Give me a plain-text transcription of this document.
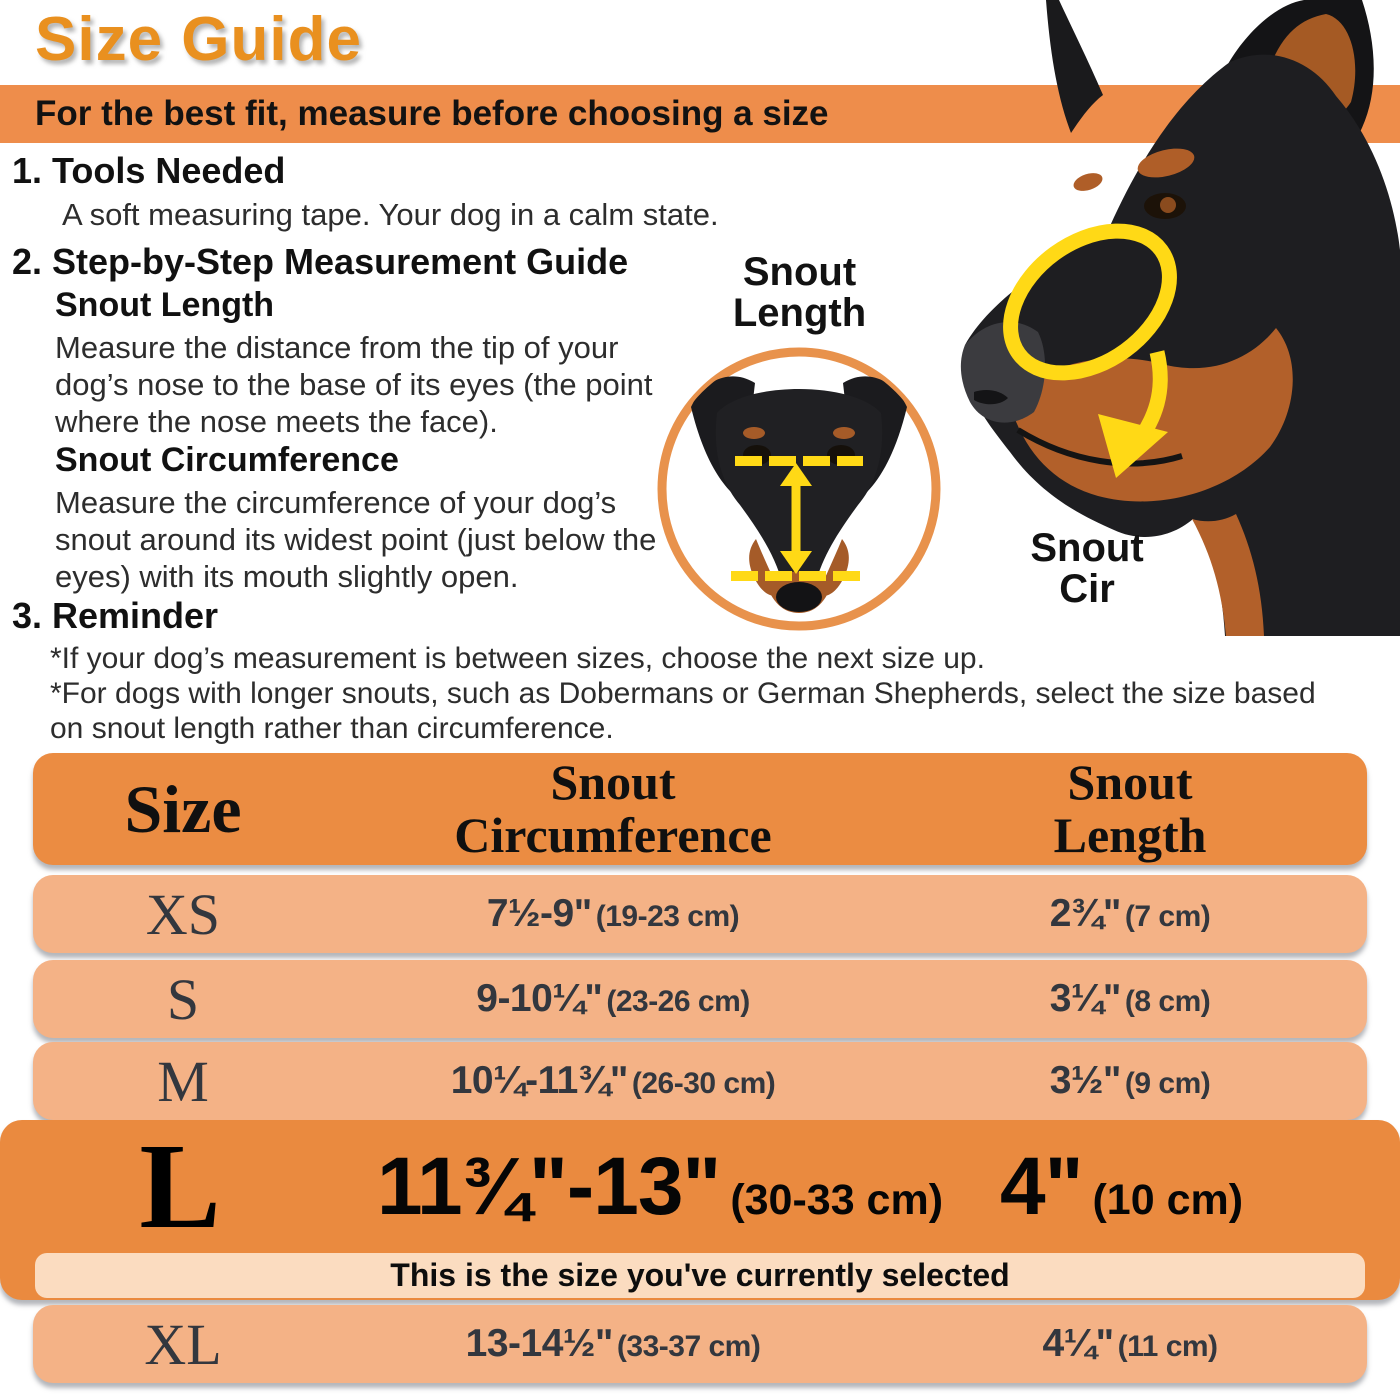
Size Guide
For the best fit, measure before choosing a size
1. Tools Needed
A soft measuring tape. Your dog in a calm state.
2. Step-by-Step Measurement Guide
Snout Length
Measure the distance from the tip of your dog’s nose to the base of its eyes (the point where the nose meets the face).
Snout Circumference
Measure the circumference of your dog’s snout around its widest point (just below the eyes) with its mouth slightly open.
3. Reminder
*If your dog’s measurement is between sizes, choose the next size up.
*For dogs with longer snouts, such as Dobermans or German Shepherds, select the size based on snout length rather than circumference.
Snout
Length
Snout
Cir
Size	Snout
Circumference
Snout
Length
XS	7½-9" (19-23 cm)	2¾" (7 cm)
S	9-10¼" (23-26 cm)	3¼" (8 cm)
M	10¼-11¾" (26-30 cm)	3½" (9 cm)
L	11¾"-13" (30-33 cm) 4" (10 cm)
This is the size you've currently selected
XL	13-14½" (33-37 cm)	4¼" (11 cm)
